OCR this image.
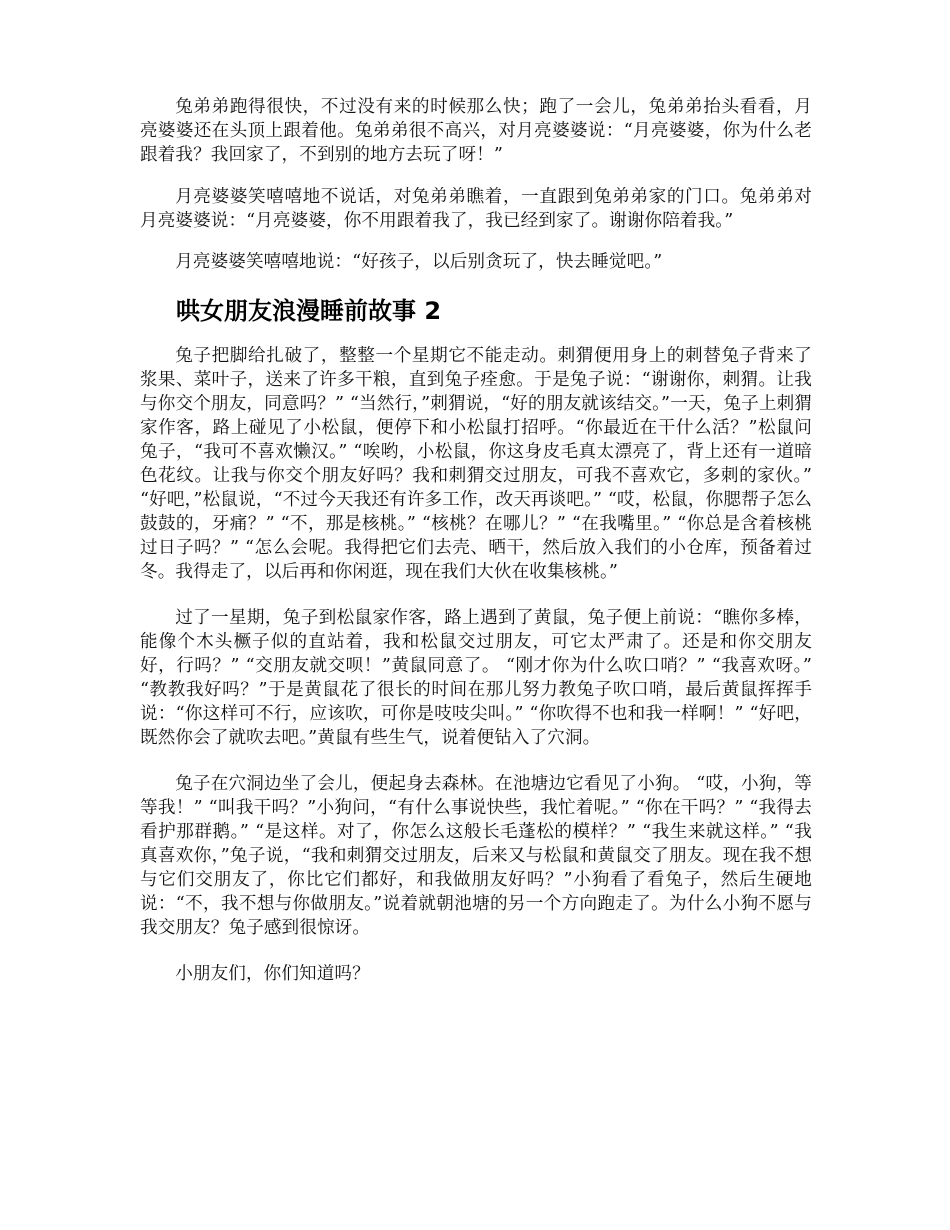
兔弟弟跑得很快，不过没有来的时候那么快；跑了一会儿，兔弟弟抬头看看，月亮婆婆还在头顶上跟着他。兔弟弟很不高兴，对月亮婆婆说：“月亮婆婆，你为什么老跟着我？我回家了，不到别的地方去玩了呀！”

月亮婆婆笑嘻嘻地不说话，对兔弟弟瞧着，一直跟到兔弟弟家的门口。兔弟弟对月亮婆婆说：“月亮婆婆，你不用跟着我了，我已经到家了。谢谢你陪着我。”

月亮婆婆笑嘻嘻地说：“好孩子，以后别贪玩了，快去睡觉吧。”

哄女朋友浪漫睡前故事 2

兔子把脚给扎破了，整整一个星期它不能走动。刺猬便用身上的刺替兔子背来了浆果、菜叶子，送来了许多干粮，直到兔子痊愈。于是兔子说：“谢谢你，刺猬。让我与你交个朋友，同意吗？” “当然行，”刺猬说，“好的朋友就该结交。”一天，兔子上刺猬家作客，路上碰见了小松鼠，便停下和小松鼠打招呼。“你最近在干什么活？”松鼠问兔子，“我可不喜欢懒汉。” “唉哟，小松鼠，你这身皮毛真太漂亮了，背上还有一道暗色花纹。让我与你交个朋友好吗？我和刺猬交过朋友，可我不喜欢它，多刺的家伙。” “好吧，”松鼠说，“不过今天我还有许多工作，改天再谈吧。” “哎，松鼠，你腮帮子怎么鼓鼓的，牙痛？” “不，那是核桃。” “核桃？在哪儿？” “在我嘴里。” “你总是含着核桃过日子吗？” “怎么会呢。我得把它们去壳、晒干，然后放入我们的小仓库，预备着过冬。我得走了，以后再和你闲逛，现在我们大伙在收集核桃。”

过了一星期，兔子到松鼠家作客，路上遇到了黄鼠，兔子便上前说：“瞧你多棒，能像个木头橛子似的直站着，我和松鼠交过朋友，可它太严肃了。还是和你交朋友好，行吗？” “交朋友就交呗！”黄鼠同意了。 “刚才你为什么吹口哨？” “我喜欢呀。” “教教我好吗？”于是黄鼠花了很长的时间在那儿努力教兔子吹口哨，最后黄鼠挥挥手说：“你这样可不行，应该吹，可你是吱吱尖叫。” “你吹得不也和我一样啊！” “好吧，既然你会了就吹去吧。”黄鼠有些生气，说着便钻入了穴洞。

兔子在穴洞边坐了会儿，便起身去森林。在池塘边它看见了小狗。 “哎，小狗，等等我！” “叫我干吗？”小狗问，“有什么事说快些，我忙着呢。” “你在干吗？” “我得去看护那群鹅。” “是这样。对了，你怎么这般长毛蓬松的模样？” “我生来就这样。” “我真喜欢你，”兔子说，“我和刺猬交过朋友，后来又与松鼠和黄鼠交了朋友。现在我不想与它们交朋友了，你比它们都好，和我做朋友好吗？”小狗看了看兔子，然后生硬地说：“不，我不想与你做朋友。”说着就朝池塘的另一个方向跑走了。为什么小狗不愿与我交朋友？兔子感到很惊讶。

小朋友们，你们知道吗？
